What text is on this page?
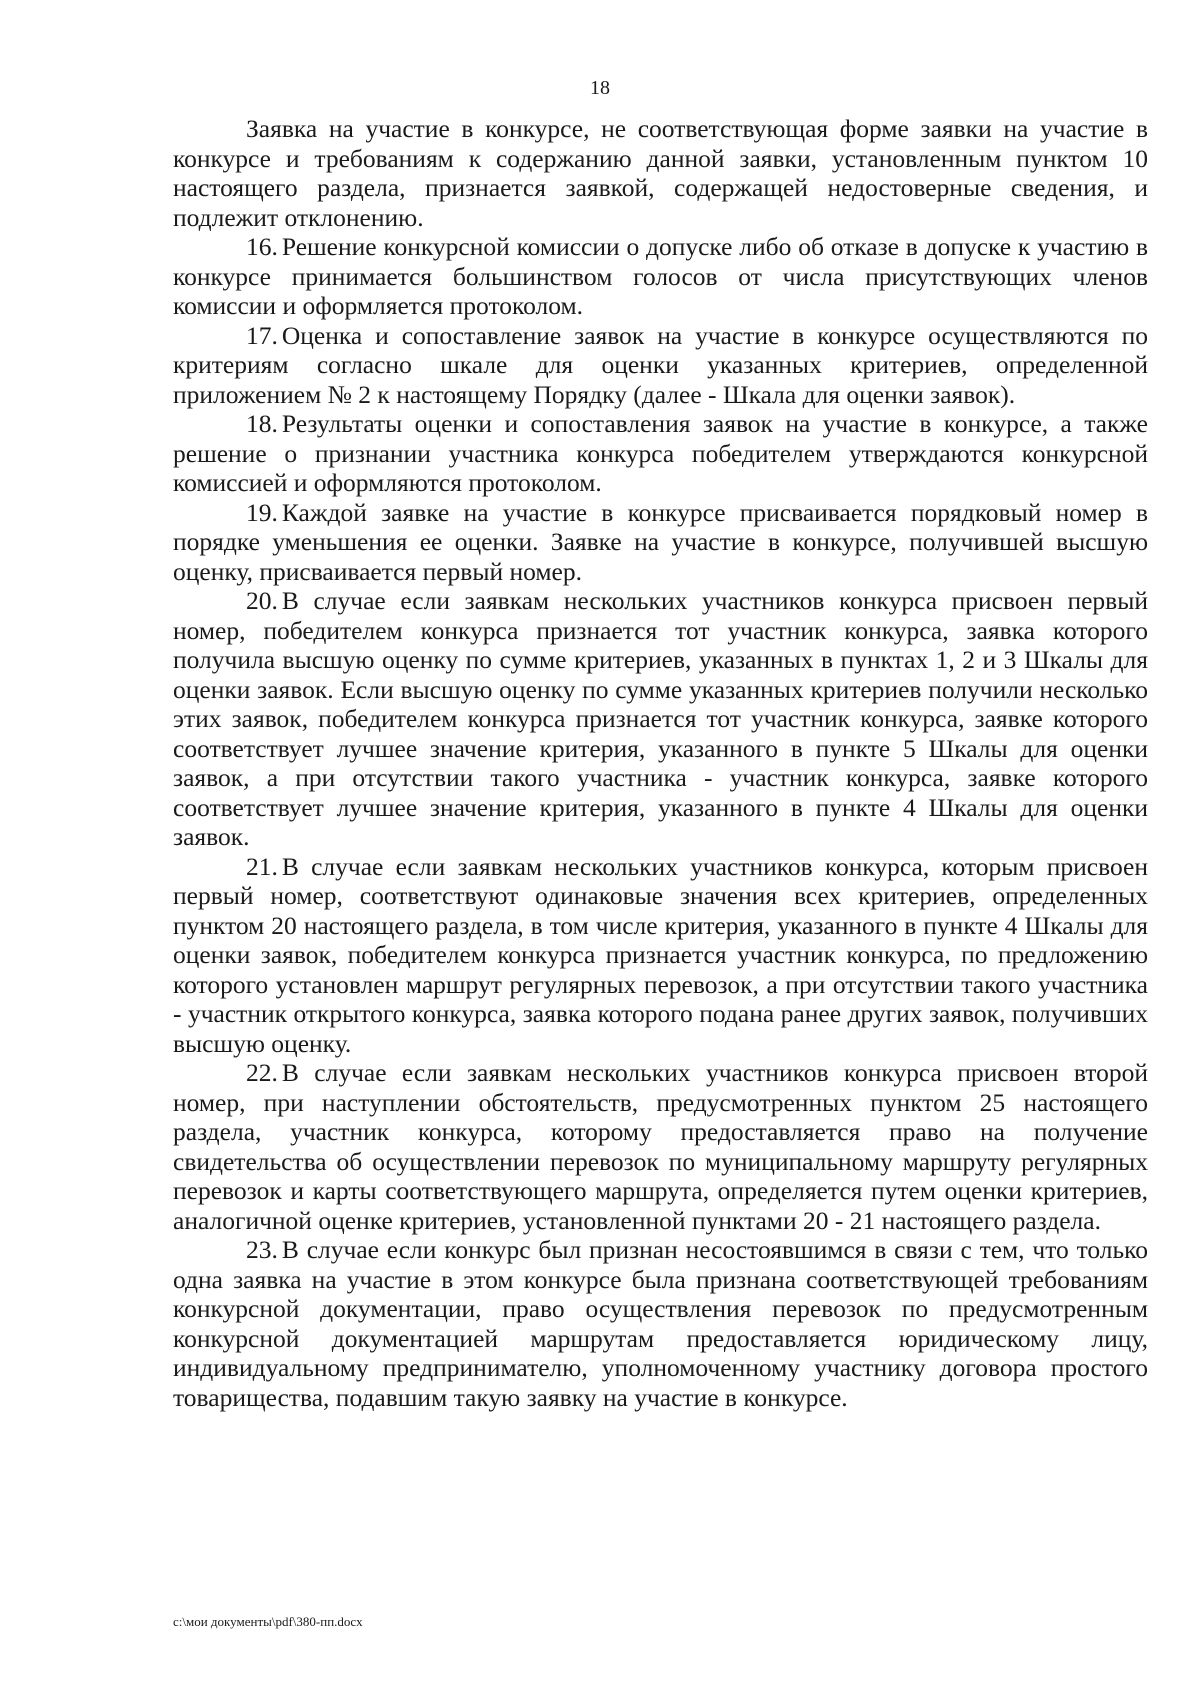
18

Заявка на участие в конкурсе, не соответствующая форме заявки на участие в конкурсе и требованиям к содержанию данной заявки, установленным пунктом 10 настоящего раздела, признается заявкой, содержащей недостоверные сведения, и подлежит отклонению.

16. Решение конкурсной комиссии о допуске либо об отказе в допуске к участию в конкурсе принимается большинством голосов от числа присутствующих членов комиссии и оформляется протоколом.

17. Оценка и сопоставление заявок на участие в конкурсе осуществляются по критериям согласно шкале для оценки указанных критериев, определенной приложением № 2 к настоящему Порядку (далее - Шкала для оценки заявок).

18. Результаты оценки и сопоставления заявок на участие в конкурсе, а также решение о признании участника конкурса победителем утверждаются конкурсной комиссией и оформляются протоколом.

19. Каждой заявке на участие в конкурсе присваивается порядковый номер в порядке уменьшения ее оценки. Заявке на участие в конкурсе, получившей высшую оценку, присваивается первый номер.

20. В случае если заявкам нескольких участников конкурса присвоен первый номер, победителем конкурса признается тот участник конкурса, заявка которого получила высшую оценку по сумме критериев, указанных в пунктах 1, 2 и 3 Шкалы для оценки заявок. Если высшую оценку по сумме указанных критериев получили несколько этих заявок, победителем конкурса признается тот участник конкурса, заявке которого соответствует лучшее значение критерия, указанного в пункте 5 Шкалы для оценки заявок, а при отсутствии такого участника - участник конкурса, заявке которого соответствует лучшее значение критерия, указанного в пункте 4 Шкалы для оценки заявок.

21. В случае если заявкам нескольких участников конкурса, которым присвоен первый номер, соответствуют одинаковые значения всех критериев, определенных пунктом 20 настоящего раздела, в том числе критерия, указанного в пункте 4 Шкалы для оценки заявок, победителем конкурса признается участник конкурса, по предложению которого установлен маршрут регулярных перевозок, а при отсутствии такого участника - участник открытого конкурса, заявка которого подана ранее других заявок, получивших высшую оценку.

22. В случае если заявкам нескольких участников конкурса присвоен второй номер, при наступлении обстоятельств, предусмотренных пунктом 25 настоящего раздела, участник конкурса, которому предоставляется право на получение свидетельства об осуществлении перевозок по муниципальному маршруту регулярных перевозок и карты соответствующего маршрута, определяется путем оценки критериев, аналогичной оценке критериев, установленной пунктами 20 - 21 настоящего раздела.

23. В случае если конкурс был признан несостоявшимся в связи с тем, что только одна заявка на участие в этом конкурсе была признана соответствующей требованиям конкурсной документации, право осуществления перевозок по предусмотренным конкурсной документацией маршрутам предоставляется юридическому лицу, индивидуальному предпринимателю, уполномоченному участнику договора простого товарищества, подавшим такую заявку на участие в конкурсе.

c:\мои документы\pdf\380-пп.docx
